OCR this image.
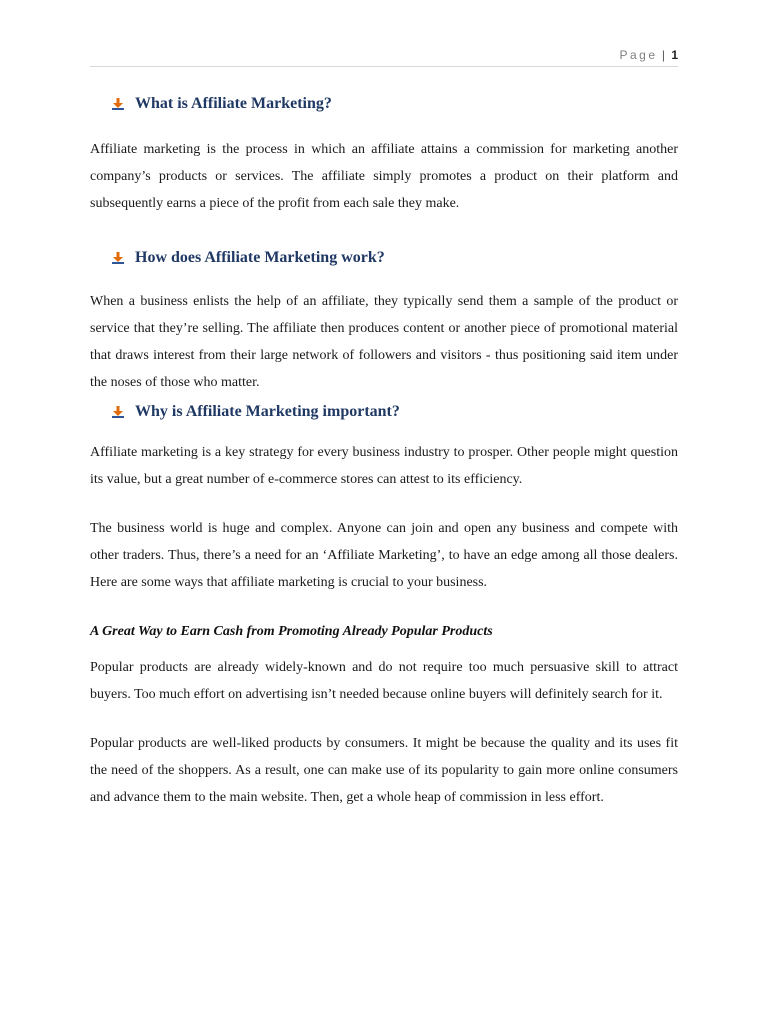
Page | 1
What is Affiliate Marketing?

Affiliate marketing is the process in which an affiliate attains a commission for marketing another company’s products or services. The affiliate simply promotes a product on their platform and subsequently earns a piece of the profit from each sale they make.

How does Affiliate Marketing work?

When a business enlists the help of an affiliate, they typically send them a sample of the product or service that they’re selling. The affiliate then produces content or another piece of promotional material that draws interest from their large network of followers and visitors - thus positioning said item under the noses of those who matter.

Why is Affiliate Marketing important?

Affiliate marketing is a key strategy for every business industry to prosper. Other people might question its value, but a great number of e-commerce stores can attest to its efficiency.

The business world is huge and complex. Anyone can join and open any business and compete with other traders. Thus, there’s a need for an ‘Affiliate Marketing’, to have an edge among all those dealers. Here are some ways that affiliate marketing is crucial to your business.

A Great Way to Earn Cash from Promoting Already Popular Products

Popular products are already widely-known and do not require too much persuasive skill to attract buyers. Too much effort on advertising isn’t needed because online buyers will definitely search for it.

Popular products are well-liked products by consumers. It might be because the quality and its uses fit the need of the shoppers. As a result, one can make use of its popularity to gain more online consumers and advance them to the main website. Then, get a whole heap of commission in less effort.
